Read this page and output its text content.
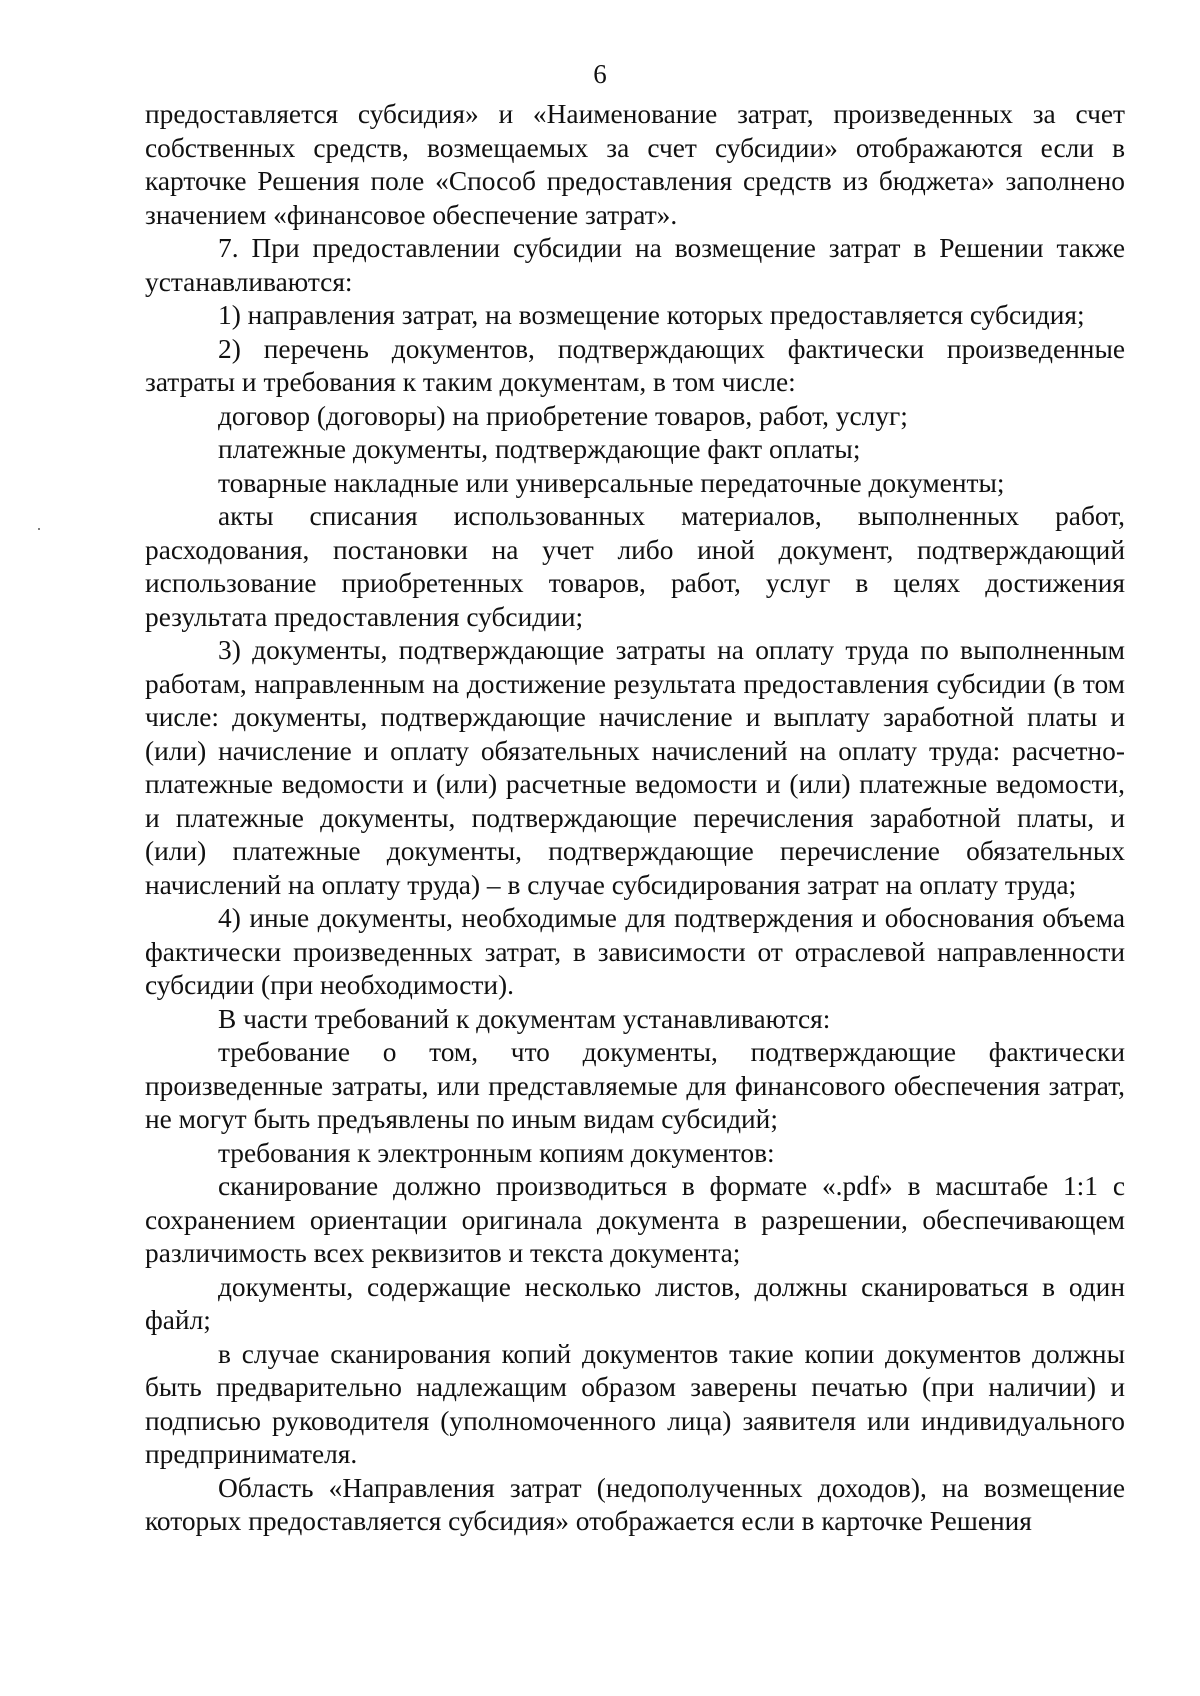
6

предоставляется субсидия» и «Наименование затрат, произведенных за счет собственных средств, возмещаемых за счет субсидии» отображаются если в карточке Решения поле «Способ предоставления средств из бюджета» заполнено значением «финансовое обеспечение затрат».

7. При предоставлении субсидии на возмещение затрат в Решении также устанавливаются:

1) направления затрат, на возмещение которых предоставляется субсидия;

2) перечень документов, подтверждающих фактически произведенные затраты и требования к таким документам, в том числе:

договор (договоры) на приобретение товаров, работ, услуг;

платежные документы, подтверждающие факт оплаты;

товарные накладные или универсальные передаточные документы;

акты списания использованных материалов, выполненных работ, расходования, постановки на учет либо иной документ, подтверждающий использование приобретенных товаров, работ, услуг в целях достижения результата предоставления субсидии;

3) документы, подтверждающие затраты на оплату труда по выполненным работам, направленным на достижение результата предоставления субсидии (в том числе: документы, подтверждающие начисление и выплату заработной платы и (или) начисление и оплату обязательных начислений на оплату труда: расчетно-платежные ведомости и (или) расчетные ведомости и (или) платежные ведомости, и платежные документы, подтверждающие перечисления заработной платы, и (или) платежные документы, подтверждающие перечисление обязательных начислений на оплату труда) – в случае субсидирования затрат на оплату труда;

4) иные документы, необходимые для подтверждения и обоснования объема фактически произведенных затрат, в зависимости от отраслевой направленности субсидии (при необходимости).

В части требований к документам устанавливаются:

требование о том, что документы, подтверждающие фактически произведенные затраты, или представляемые для финансового обеспечения затрат, не могут быть предъявлены по иным видам субсидий;

требования к электронным копиям документов:

сканирование должно производиться в формате «.pdf» в масштабе 1:1 с сохранением ориентации оригинала документа в разрешении, обеспечивающем различимость всех реквизитов и текста документа;

документы, содержащие несколько листов, должны сканироваться в один файл;

в случае сканирования копий документов такие копии документов должны быть предварительно надлежащим образом заверены печатью (при наличии) и подписью руководителя (уполномоченного лица) заявителя или индивидуального предпринимателя.

Область «Направления затрат (недополученных доходов), на возмещение которых предоставляется субсидия» отображается если в карточке Решения
